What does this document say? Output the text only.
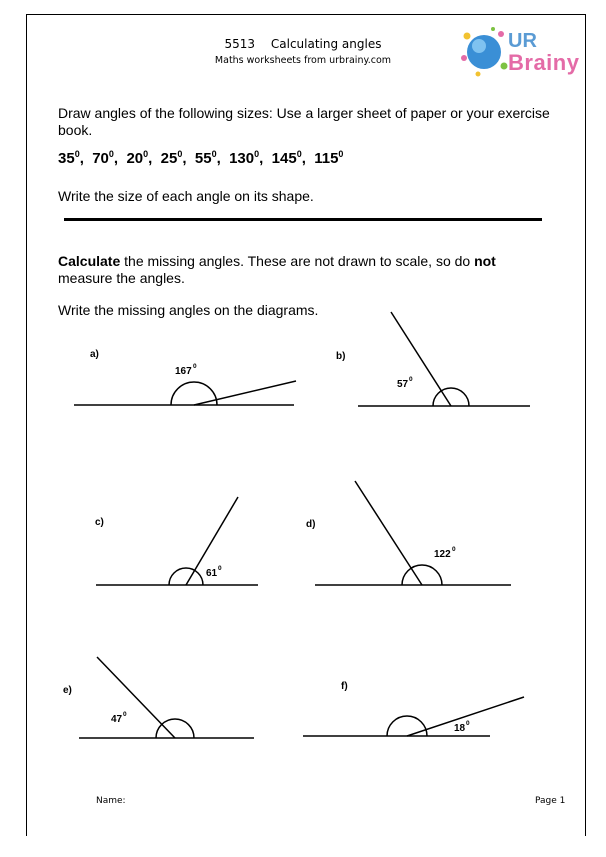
5513 Calculating angles
Maths worksheets from urbrainy.com
UR
Brainy
Draw angles of the following sizes: Use a larger sheet of paper or your exercise book.
$35^0$,  $70^0$,  $20^0$,  $25^0$,  $55^0$,  $130^0$,  $145^0$,  $115^0$
Write the size of each angle on its shape.
Calculate the missing angles. These are not drawn to scale, so do not measure the angles.
Write the missing angles on the diagrams.
a)	b)
c)	d)
e)	f)
167 0
57 0
61 0
122 0
47 0
18 0
Name:	Page 1
